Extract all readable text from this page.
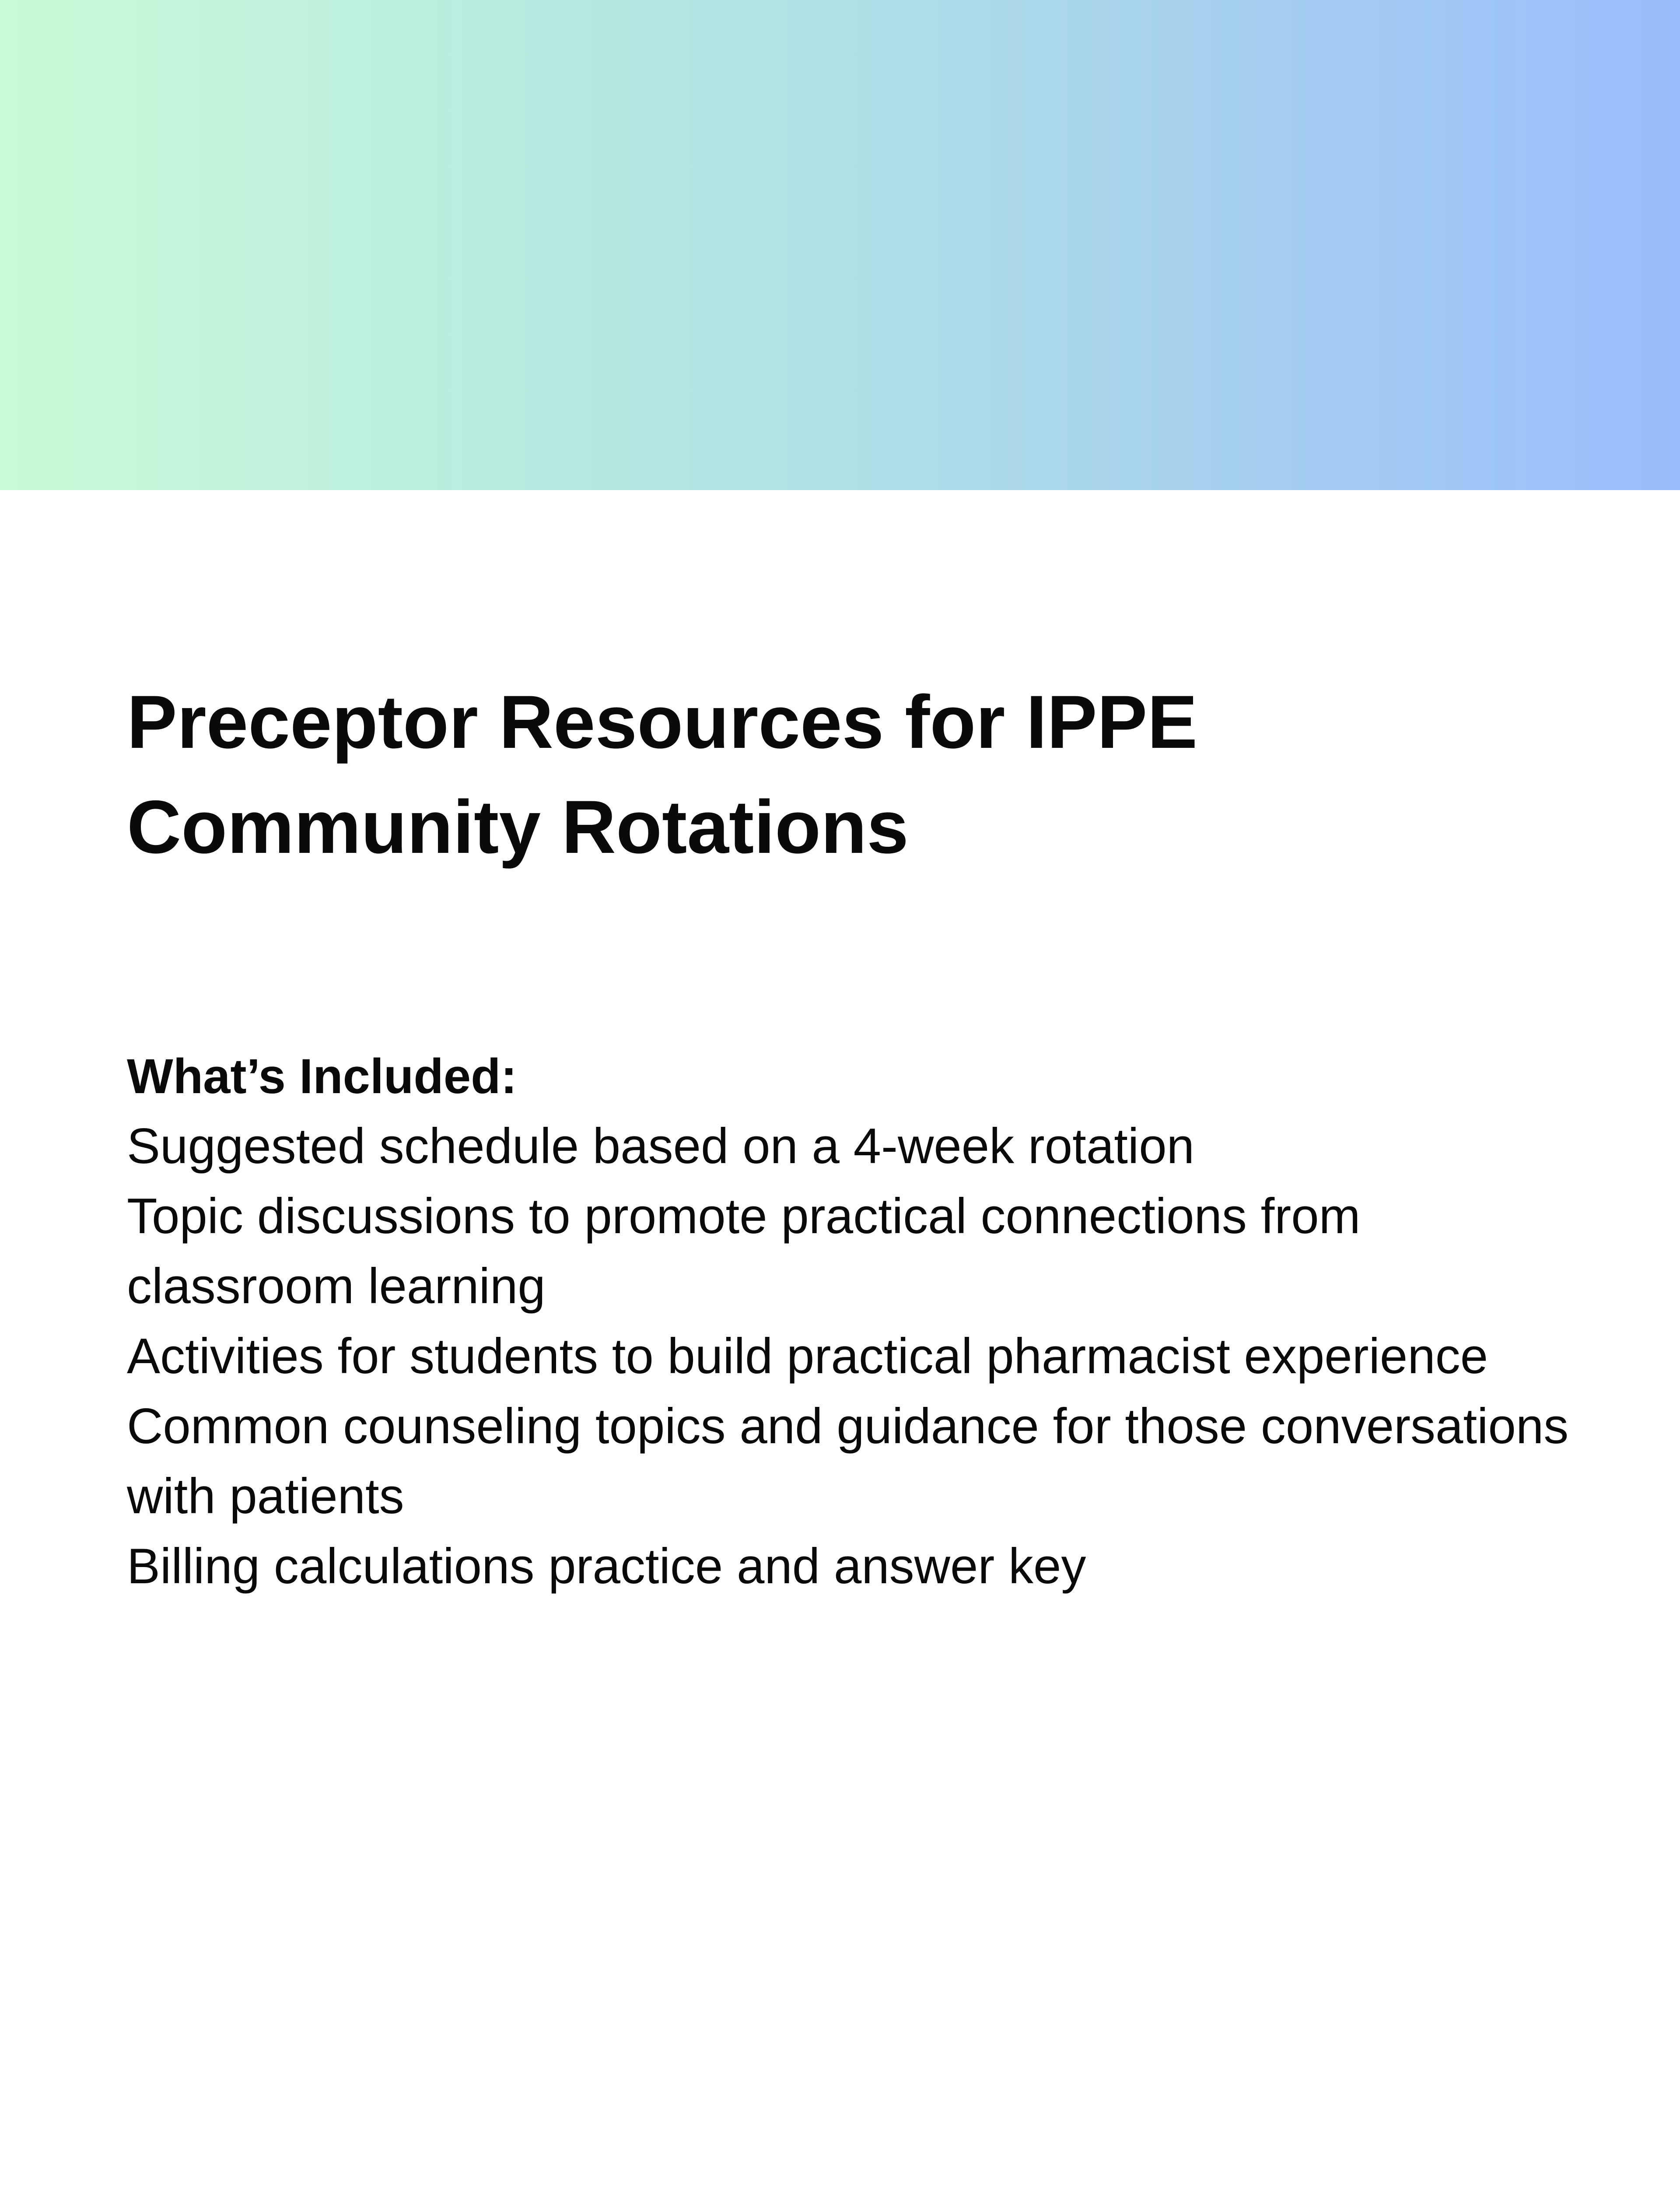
Preceptor Resources for IPPE
Community Rotations

What’s Included:

Suggested schedule based on a 4-week rotation
Topic discussions to promote practical connections from classroom learning
Activities for students to build practical pharmacist experience
Common counseling topics and guidance for those conversations with patients
Billing calculations practice and answer key
